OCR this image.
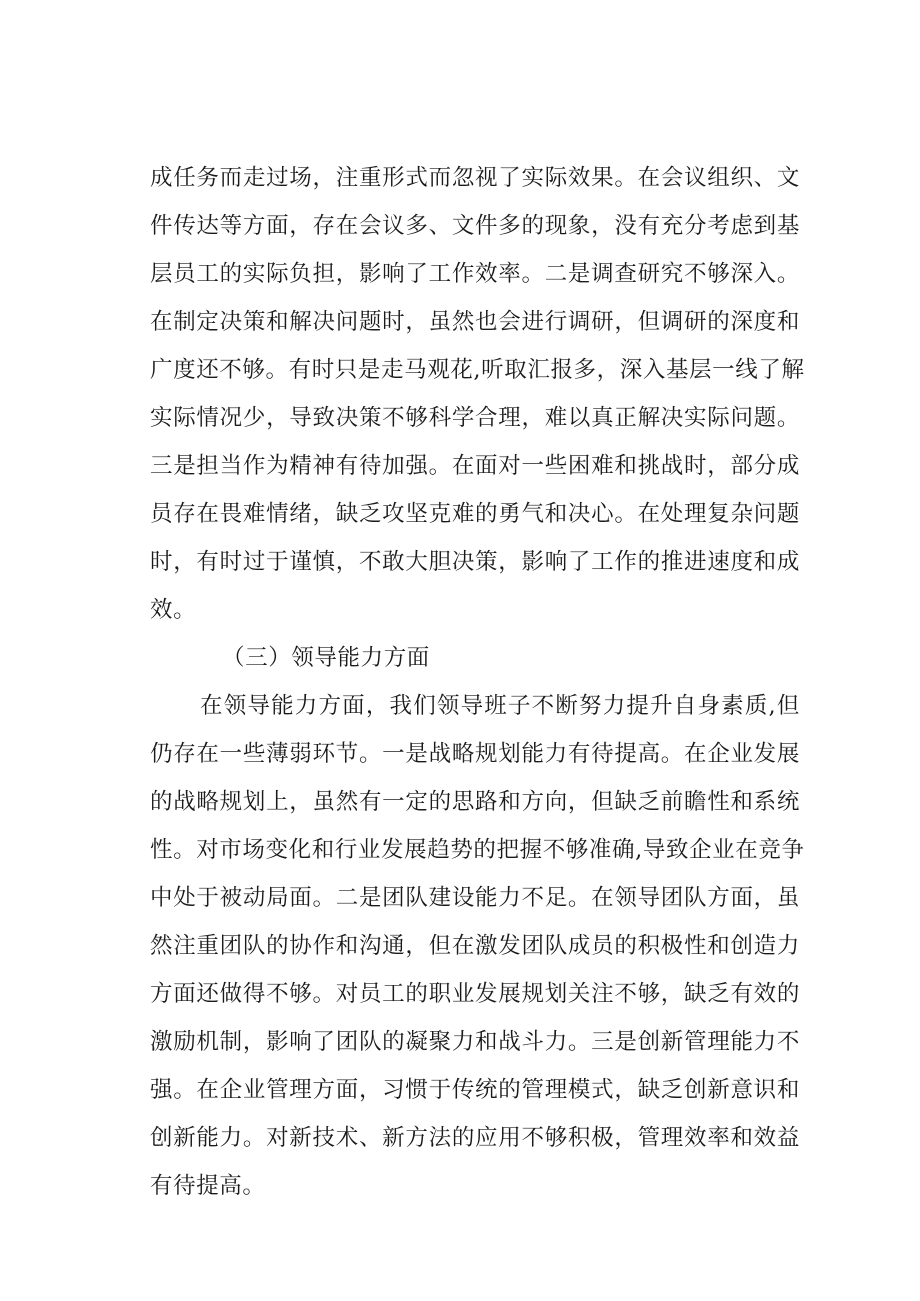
成任务而走过场，注重形式而忽视了实际效果。在会议组织、文
件传达等方面，存在会议多、文件多的现象，没有充分考虑到基
层员工的实际负担，影响了工作效率。二是调查研究不够深入。
在制定决策和解决问题时，虽然也会进行调研，但调研的深度和
广度还不够。有时只是走马观花,听取汇报多，深入基层一线了解
实际情况少，导致决策不够科学合理，难以真正解决实际问题。
三是担当作为精神有待加强。在面对一些困难和挑战时，部分成
员存在畏难情绪，缺乏攻坚克难的勇气和决心。在处理复杂问题
时，有时过于谨慎，不敢大胆决策，影响了工作的推进速度和成
效。
（三）领导能力方面
在领导能力方面，我们领导班子不断努力提升自身素质,但
仍存在一些薄弱环节。一是战略规划能力有待提高。在企业发展
的战略规划上，虽然有一定的思路和方向，但缺乏前瞻性和系统
性。对市场变化和行业发展趋势的把握不够准确,导致企业在竞争
中处于被动局面。二是团队建设能力不足。在领导团队方面，虽
然注重团队的协作和沟通，但在激发团队成员的积极性和创造力
方面还做得不够。对员工的职业发展规划关注不够，缺乏有效的
激励机制，影响了团队的凝聚力和战斗力。三是创新管理能力不
强。在企业管理方面，习惯于传统的管理模式，缺乏创新意识和
创新能力。对新技术、新方法的应用不够积极，管理效率和效益
有待提高。
